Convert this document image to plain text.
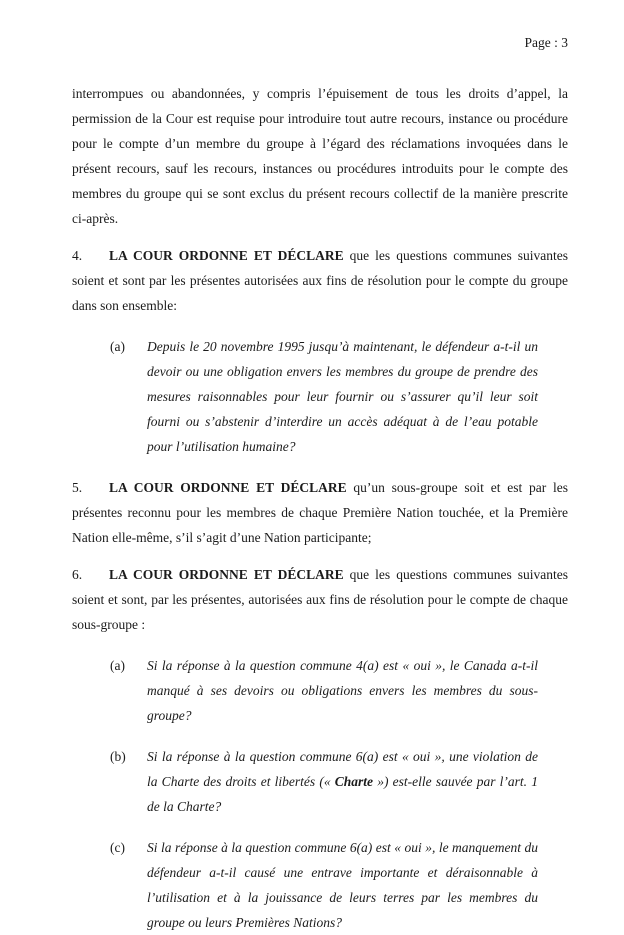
Page : 3

interrompues ou abandonnées, y compris l’épuisement de tous les droits d’appel, la permission de la Cour est requise pour introduire tout autre recours, instance ou procédure pour le compte d’un membre du groupe à l’égard des réclamations invoquées dans le présent recours, sauf les recours, instances ou procédures introduits pour le compte des membres du groupe qui se sont exclus du présent recours collectif de la manière prescrite ci-après.

4. LA COUR ORDONNE ET DÉCLARE que les questions communes suivantes soient et sont par les présentes autorisées aux fins de résolution pour le compte du groupe dans son ensemble:
(a)	Depuis le 20 novembre 1995 jusqu’à maintenant, le défendeur a-t-il un devoir ou une obligation envers les membres du groupe de prendre des mesures raisonnables pour leur fournir ou s’assurer qu’il leur soit fourni ou s’abstenir d’interdire un accès adéquat à de l’eau potable pour l’utilisation humaine?
5. LA COUR ORDONNE ET DÉCLARE qu’un sous-groupe soit et est par les présentes reconnu pour les membres de chaque Première Nation touchée, et la Première Nation elle-même, s’il s’agit d’une Nation participante;
6. LA COUR ORDONNE ET DÉCLARE que les questions communes suivantes soient et sont, par les présentes, autorisées aux fins de résolution pour le compte de chaque sous-groupe :
(a)	Si la réponse à la question commune 4(a) est « oui », le Canada a-t-il manqué à ses devoirs ou obligations envers les membres du sous-groupe?
(b)	Si la réponse à la question commune 6(a) est « oui », une violation de la Charte des droits et libertés (« Charte ») est-elle sauvée par l’art. 1 de la Charte?
(c)	Si la réponse à la question commune 6(a) est « oui », le manquement du défendeur a-t-il causé une entrave importante et déraisonnable à l’utilisation et à la jouissance de leurs terres par les membres du groupe ou leurs Premières Nations?
